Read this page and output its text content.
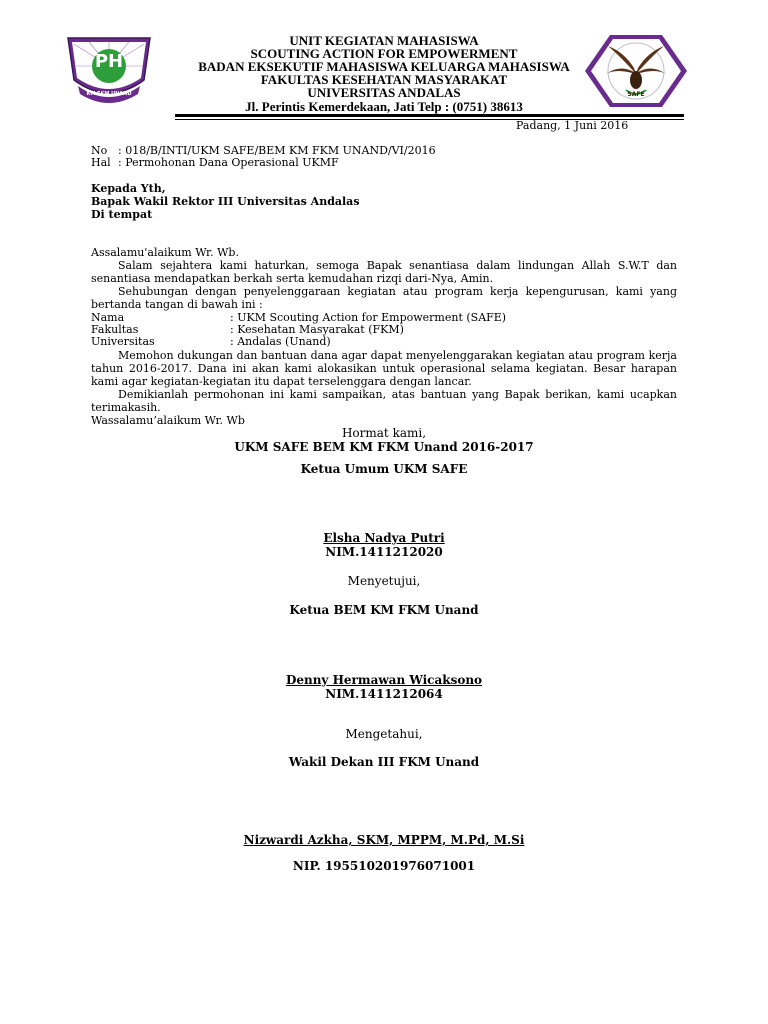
PH
KM FKM UNAND	SAFE
UNIT KEGIATAN MAHASISWA
SCOUTING ACTION FOR EMPOWERMENT
BADAN EKSEKUTIF MAHASISWA KELUARGA MAHASISWA
FAKULTAS KESEHATAN MASYARAKAT
UNIVERSITAS ANDALAS
Jl. Perintis Kemerdekaan, Jati Telp : (0751) 38613
Padang, 1 Juni 2016
No : 018/B/INTI/UKM SAFE/BEM KM FKM UNAND/VI/2016
Hal : Permohonan Dana Operasional UKMF
Kepada Yth,
Bapak Wakil Rektor III Universitas Andalas
Di tempat
Assalamu'alaikum Wr. Wb.
Salam sejahtera kami haturkan, semoga Bapak senantiasa dalam lindungan Allah S.W.T dan senantiasa mendapatkan berkah serta kemudahan rizqi dari-Nya, Amin.
Sehubungan dengan penyelenggaraan kegiatan atau program kerja kepengurusan, kami yang bertanda tangan di bawah ini :
Nama	: UKM Scouting Action for Empowerment (SAFE)
Fakultas	: Kesehatan Masyarakat (FKM)
Universitas	: Andalas (Unand)
Memohon dukungan dan bantuan dana agar dapat menyelenggarakan kegiatan atau program kerja tahun 2016-2017. Dana ini akan kami alokasikan untuk operasional selama kegiatan. Besar harapan kami agar kegiatan-kegiatan itu dapat terselenggara dengan lancar.
Demikianlah permohonan ini kami sampaikan, atas bantuan yang Bapak berikan, kami ucapkan terimakasih.
Wassalamu’alaikum Wr. Wb
Hormat kami,
UKM SAFE BEM KM FKM Unand 2016-2017
Ketua Umum UKM SAFE
Elsha Nadya Putri
NIM.1411212020
Menyetujui,
Ketua BEM KM FKM Unand
Denny Hermawan Wicaksono
NIM.1411212064
Mengetahui,
Wakil Dekan III FKM Unand
Nizwardi Azkha, SKM, MPPM, M.Pd, M.Si
NIP. 195510201976071001
